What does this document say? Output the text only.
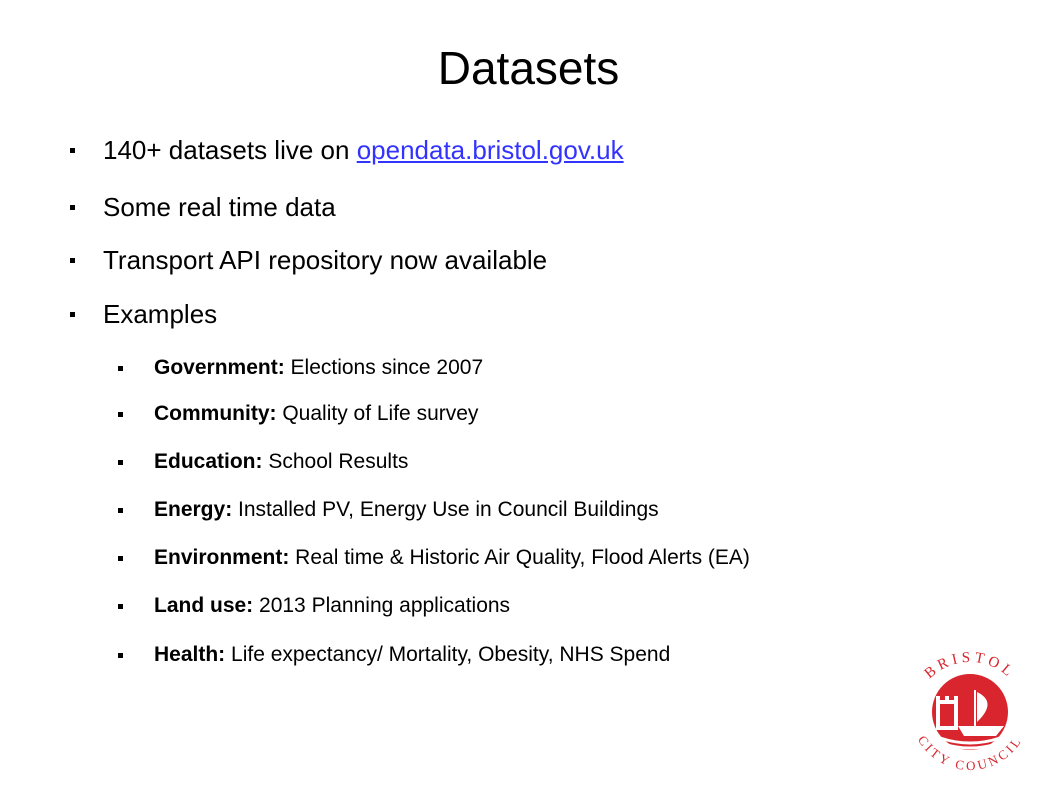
Datasets
140+ datasets live on opendata.bristol.gov.uk
Some real time data
Transport API repository now available
Examples
Government: Elections since 2007
Community: Quality of Life survey
Education: School Results
Energy: Installed PV, Energy Use in Council Buildings
Environment: Real time & Historic Air Quality, Flood Alerts (EA)
Land use: 2013 Planning applications
Health: Life expectancy/ Mortality, Obesity, NHS Spend
BRISTOL
CITY COUNCIL
